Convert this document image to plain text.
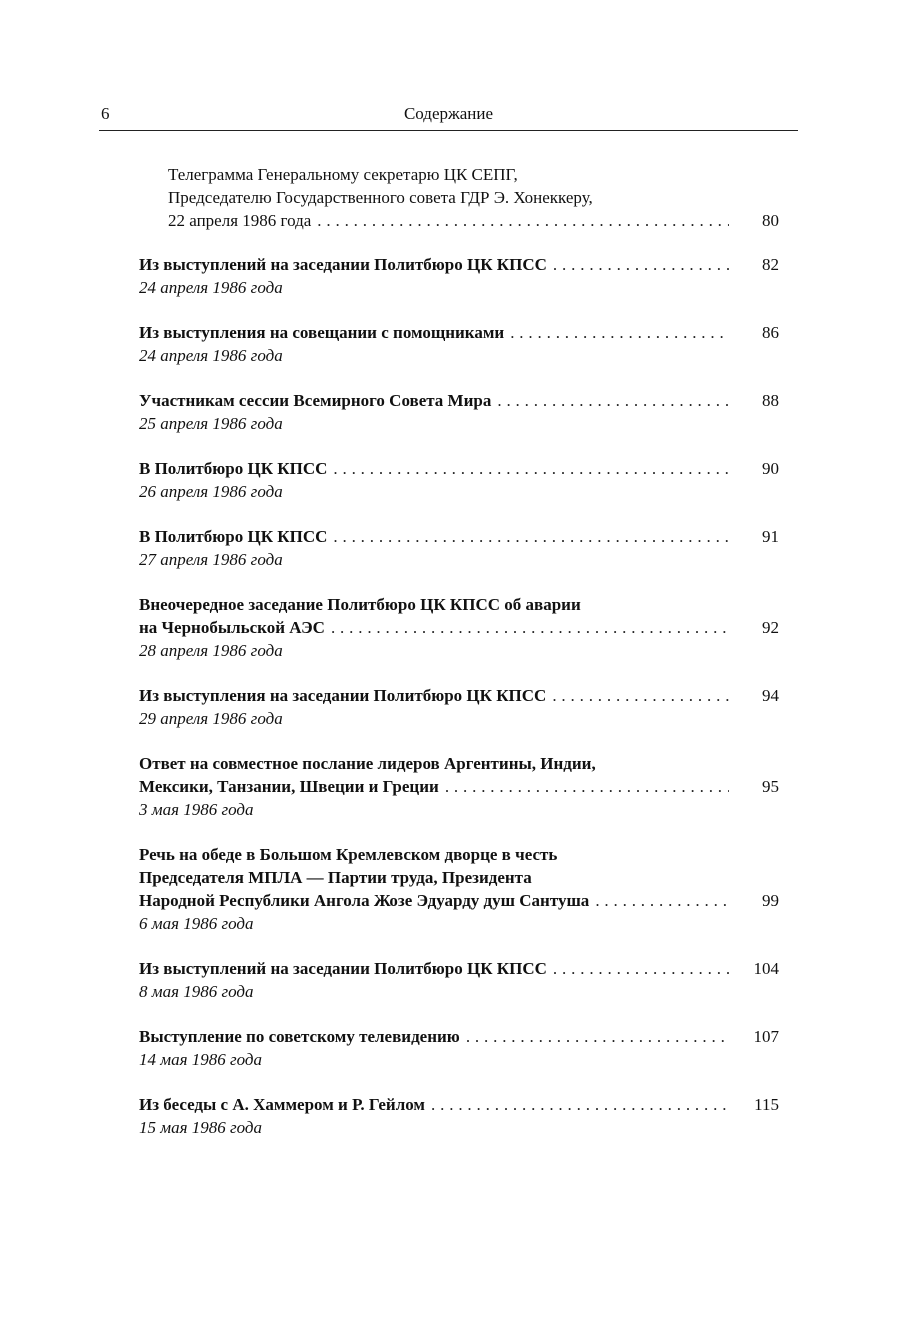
6	Содержание
Телеграмма Генеральному секретарю ЦК СЕПГ,
Председателю Государственного совета ГДР Э. Хонеккеру,
22 апреля 1986 года . . .	80
Из выступлений на заседании Политбюро ЦК КПСС . . .	82
24 апреля 1986 года
Из выступления на совещании с помощниками . . .	86
24 апреля 1986 года
Участникам сессии Всемирного Совета Мира . . .	88
25 апреля 1986 года
В Политбюро ЦК КПСС . . .	90
26 апреля 1986 года
В Политбюро ЦК КПСС . . .	91
27 апреля 1986 года
Внеочередное заседание Политбюро ЦК КПСС об аварии
на Чернобыльской АЭС . . .	92
28 апреля 1986 года
Из выступления на заседании Политбюро ЦК КПСС . . .	94
29 апреля 1986 года
Ответ на совместное послание лидеров Аргентины, Индии,
Мексики, Танзании, Швеции и Греции . . .	95
3 мая 1986 года
Речь на обеде в Большом Кремлевском дворце в честь
Председателя МПЛА — Партии труда, Президента
Народной Республики Ангола Жозе Эдуарду душ Сантуша . . .	99
6 мая 1986 года
Из выступлений на заседании Политбюро ЦК КПСС . . .	104
8 мая 1986 года
Выступление по советскому телевидению . . .	107
14 мая 1986 года
Из беседы с А. Хаммером и Р. Гейлом . . .	115
15 мая 1986 года
